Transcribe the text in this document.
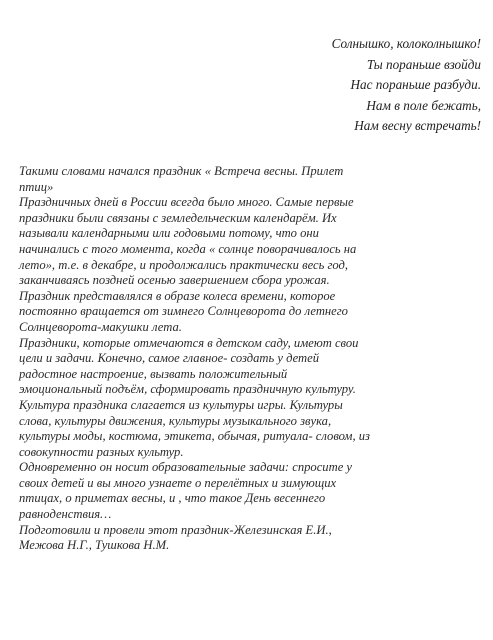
Солнышко, колоколнышко!
Ты пораньше взойди
Нас пораньше разбуди.
Нам в поле бежать,
Нам весну встречать!
Такими словами начался праздник « Встреча весны. Прилет
птиц»
Праздничных дней в России всегда было много. Самые первые
праздники были связаны с земледельческим календарём. Их
называли календарными или годовыми потому, что они
начинались с того момента, когда « солнце поворачивалось на
лето», т.е. в декабре, и продолжались практически весь год,
заканчиваясь поздней осенью завершением сбора урожая.
Праздник представлялся в образе колеса времени, которое
постоянно вращается от зимнего Солнцеворота до летнего
Солнцеворота-макушки лета.
Праздники, которые отмечаются в детском саду, имеют свои
цели и задачи. Конечно, самое главное- создать у детей
радостное настроение, вызвать положительный
эмоциональный подъём, сформировать праздничную культуру.
Культура праздника слагается из культуры игры. Культуры
слова, культуры движения, культуры музыкального звука,
культуры моды, костюма, этикета, обычая, ритуала- словом, из
совокупности разных культур.
Одновременно он носит образовательные задачи: спросите у
своих детей и вы много узнаете о перелётных и зимующих
птицах, о приметах весны, и , что такое День весеннего
равноденствия…
Подготовили и провели этот праздник-Железинская Е.И.,
Межова Н.Г., Тушкова Н.М.
